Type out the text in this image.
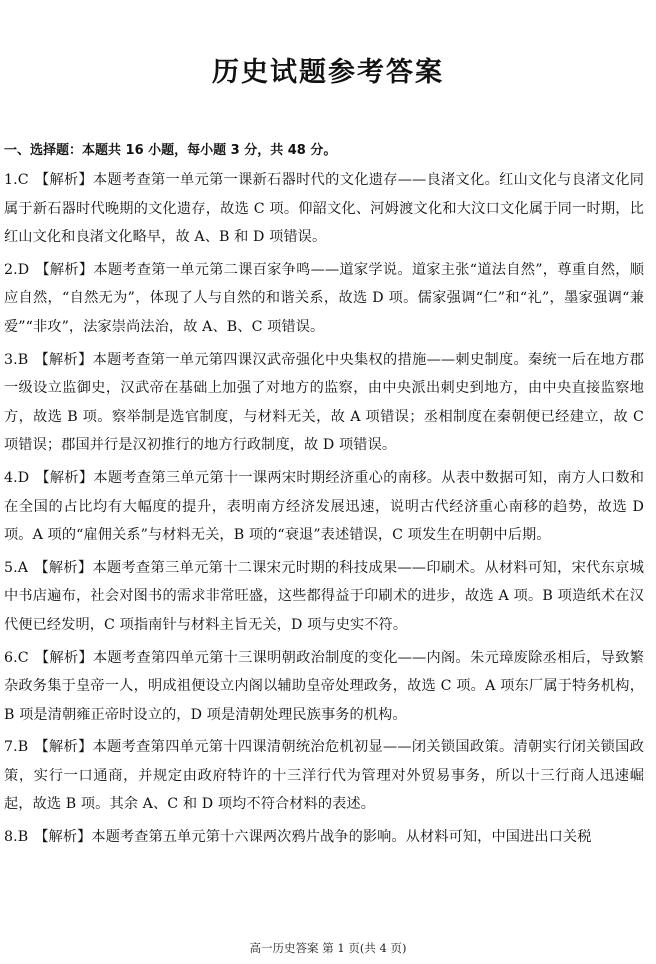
历史试题参考答案
一、选择题：本题共 16 小题，每小题 3 分，共 48 分。

1.C 【解析】本题考查第一单元第一课新石器时代的文化遗存——良渚文化。红山文化与良渚文化同属于新石器时代晚期的文化遗存，故选 C 项。仰韶文化、河姆渡文化和大汶口文化属于同一时期，比红山文化和良渚文化略早，故 A、B 和 D 项错误。

2.D 【解析】本题考查第一单元第二课百家争鸣——道家学说。道家主张“道法自然”，尊重自然，顺应自然，“自然无为”，体现了人与自然的和谐关系，故选 D 项。儒家强调“仁”和“礼”，墨家强调“兼爱”“非攻”，法家崇尚法治，故 A、B、C 项错误。

3.B 【解析】本题考查第一单元第四课汉武帝强化中央集权的措施——刺史制度。秦统一后在地方郡一级设立监御史，汉武帝在基础上加强了对地方的监察，由中央派出刺史到地方，由中央直接监察地方，故选 B 项。察举制是选官制度，与材料无关，故 A 项错误；丞相制度在秦朝便已经建立，故 C 项错误；郡国并行是汉初推行的地方行政制度，故 D 项错误。

4.D 【解析】本题考查第三单元第十一课两宋时期经济重心的南移。从表中数据可知，南方人口数和在全国的占比均有大幅度的提升，表明南方经济发展迅速，说明古代经济重心南移的趋势，故选 D 项。A 项的“雇佣关系”与材料无关，B 项的“衰退”表述错误，C 项发生在明朝中后期。

5.A 【解析】本题考查第三单元第十二课宋元时期的科技成果——印刷术。从材料可知，宋代东京城中书店遍布，社会对图书的需求非常旺盛，这些都得益于印刷术的进步，故选 A 项。B 项造纸术在汉代便已经发明，C 项指南针与材料主旨无关，D 项与史实不符。

6.C 【解析】本题考查第四单元第十三课明朝政治制度的变化——内阁。朱元璋废除丞相后，导致繁杂政务集于皇帝一人，明成祖便设立内阁以辅助皇帝处理政务，故选 C 项。A 项东厂属于特务机构，B 项是清朝雍正帝时设立的，D 项是清朝处理民族事务的机构。

7.B 【解析】本题考查第四单元第十四课清朝统治危机初显——闭关锁国政策。清朝实行闭关锁国政策，实行一口通商，并规定由政府特许的十三洋行代为管理对外贸易事务，所以十三行商人迅速崛起，故选 B 项。其余 A、C 和 D 项均不符合材料的表述。

8.B 【解析】本题考查第五单元第十六课两次鸦片战争的影响。从材料可知，中国进出口关税

高一历史答案 第 1 页(共 4 页)
